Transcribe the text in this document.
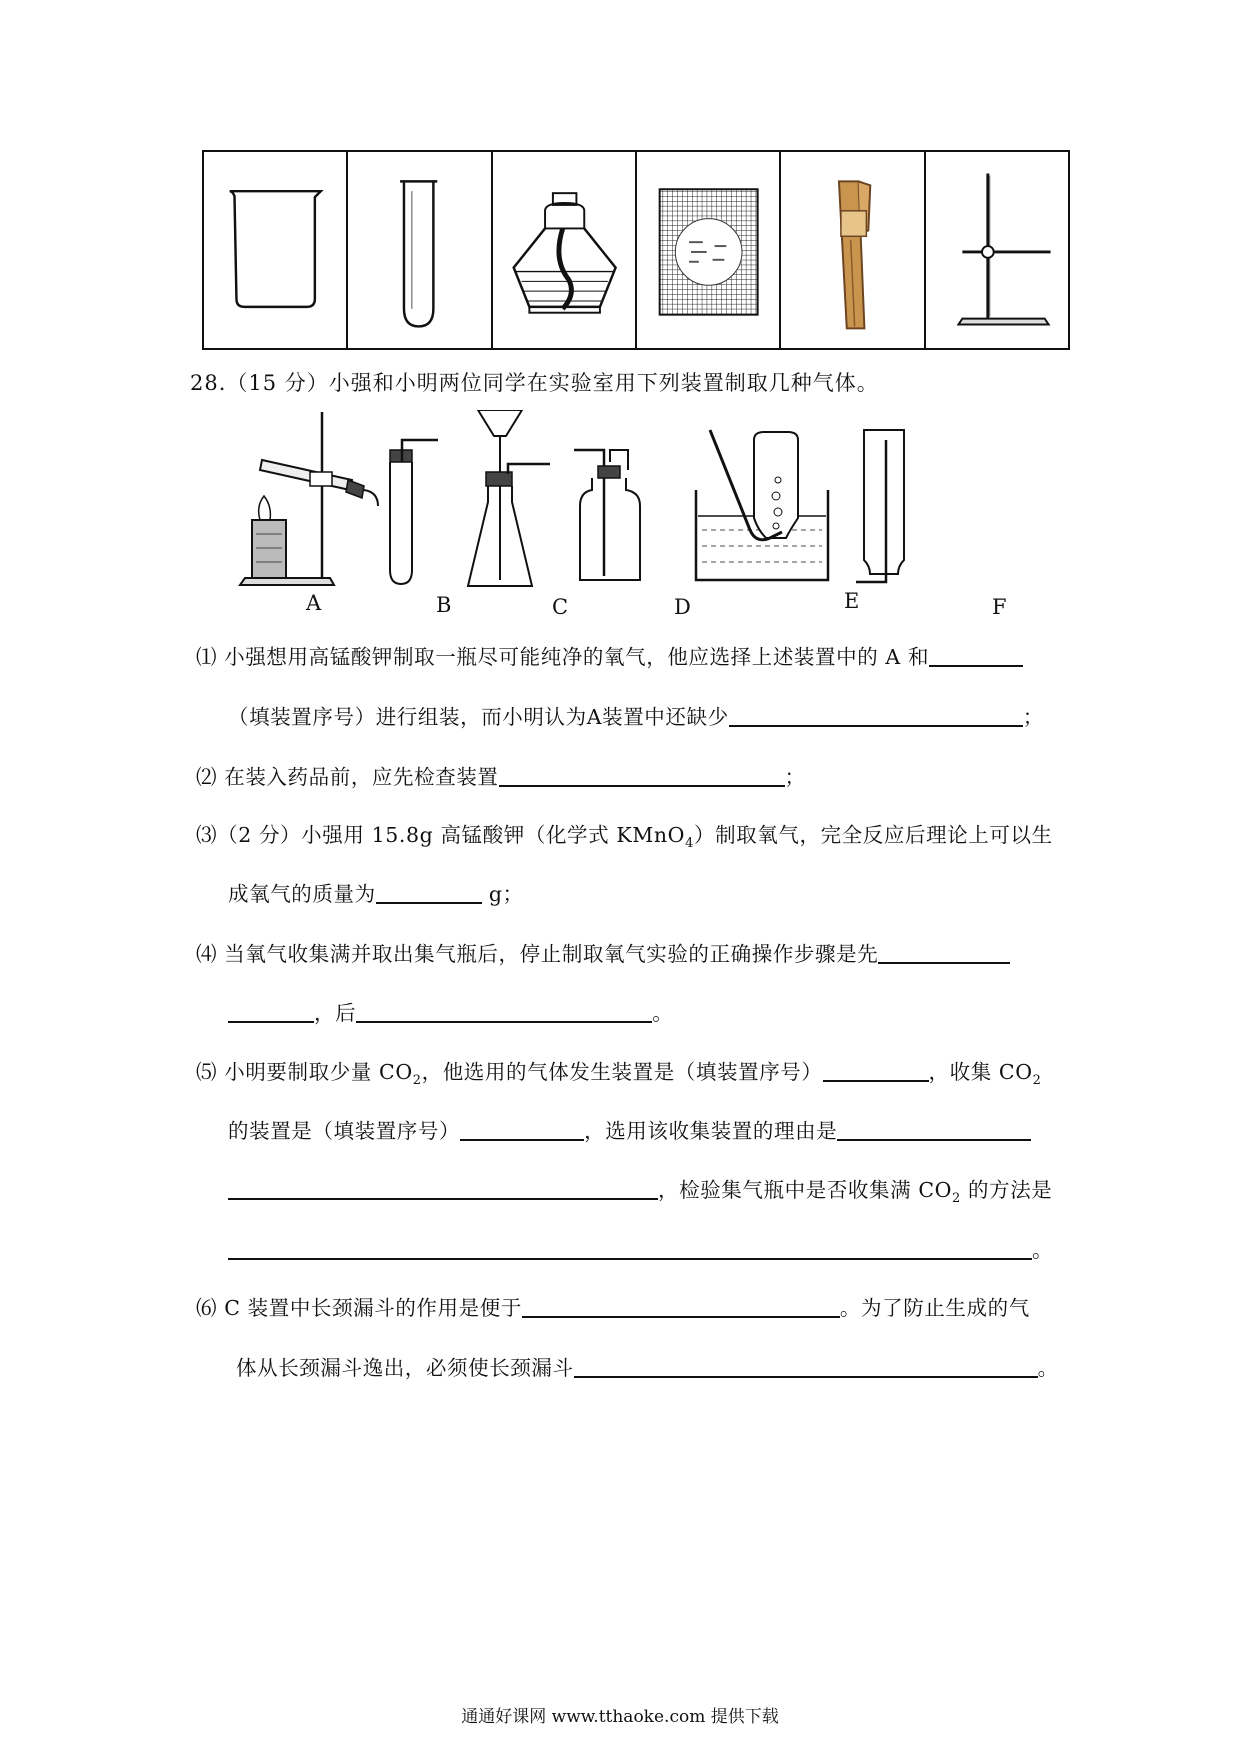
28.（15 分）小强和小明两位同学在实验室用下列装置制取几种气体。
A	B	C	D	E	F
⑴ 小强想用高锰酸钾制取一瓶尽可能纯净的氧气，他应选择上述装置中的 A 和
（填装置序号）进行组装，而小明认为A装置中还缺少	；
⑵ 在装入药品前，应先检查装置	；
⑶（2 分）小强用 15.8g 高锰酸钾（化学式 KMnO$_4$）制取氧气，完全反应后理论上可以生
成氧气的质量为	g；
⑷ 当氧气收集满并取出集气瓶后，停止制取氧气实验的正确操作步骤是先
，后	。
⑸ 小明要制取少量 $CO_2$，他选用的气体发生装置是（填装置序号）	，收集 $CO_2$
的装置是（填装置序号）	，选用该收集装置的理由是
，检验集气瓶中是否收集满 $CO_2$ 的方法是
。
⑹ C 装置中长颈漏斗的作用是便于	。为了防止生成的气
体从长颈漏斗逸出，必须使长颈漏斗	。
通通好课网 www.tthaoke.com 提供下载
